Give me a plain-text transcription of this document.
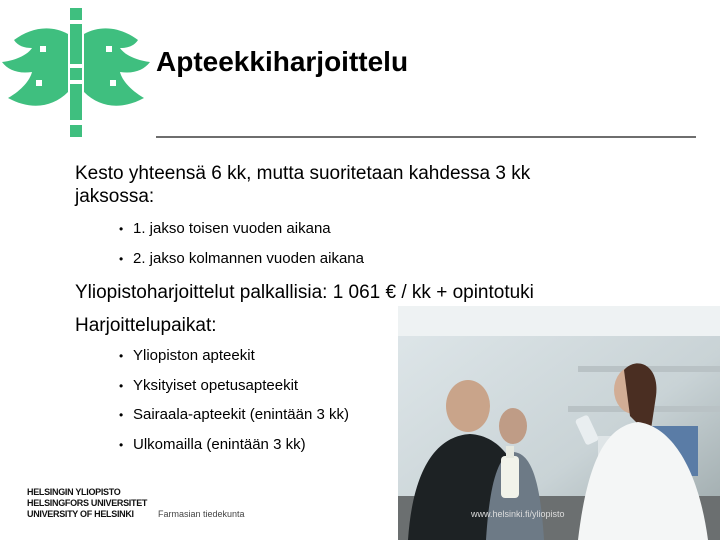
Apteekkiharjoittelu
Kesto yhteensä 6 kk, mutta suoritetaan kahdessa 3 kk
jaksossa:
• 1. jakso toisen vuoden aikana
• 2. jakso kolmannen vuoden aikana
Yliopistoharjoittelut palkallisia: 1 061 € / kk + opintotuki
Harjoittelupaikat:
• Yliopiston apteekit
• Yksityiset opetusapteekit
• Sairaala-apteekit (enintään 3 kk)
• Ulkomailla (enintään 3 kk)
HELSINGIN YLIOPISTO
HELSINGFORS UNIVERSITET
UNIVERSITY OF HELSINKI	Farmasian tiedekunta	www.helsinki.fi/yliopisto
